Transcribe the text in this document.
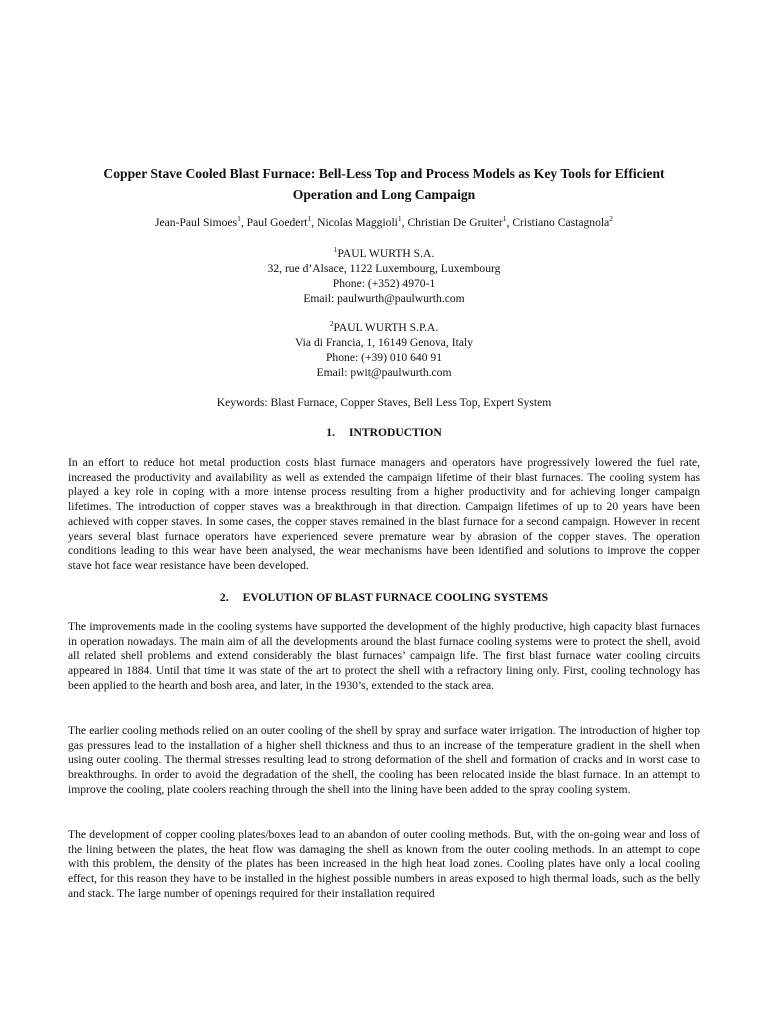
Copper Stave Cooled Blast Furnace: Bell-Less Top and Process Models as Key Tools for Efficient
Operation and Long Campaign
Jean-Paul Simoes$^1$, Paul Goedert$^1$, Nicolas Maggioli$^1$, Christian De Gruiter$^1$, Cristiano Castagnola$^2$
$^1$PAUL WURTH S.A.
32, rue d’Alsace, 1122 Luxembourg, Luxembourg
Phone: (+352) 4970-1
Email: paulwurth@paulwurth.com
$^2$PAUL WURTH S.P.A.
Via di Francia, 1, 16149 Genova, Italy
Phone: (+39) 010 640 91
Email: pwit@paulwurth.com
Keywords: Blast Furnace, Copper Staves, Bell Less Top, Expert System
1. INTRODUCTION

In an effort to reduce hot metal production costs blast furnace managers and operators have progressively lowered the fuel rate, increased the productivity and availability as well as extended the campaign lifetime of their blast furnaces. The cooling system has played a key role in coping with a more intense process resulting from a higher productivity and for achieving longer campaign lifetimes. The introduction of copper staves was a breakthrough in that direction. Campaign lifetimes of up to 20 years have been achieved with copper staves. In some cases, the copper staves remained in the blast furnace for a second campaign. However in recent years several blast furnace operators have experienced severe premature wear by abrasion of the copper staves. The operation conditions leading to this wear have been analysed, the wear mechanisms have been identified and solutions to improve the copper stave hot face wear resistance have been developed.

2. EVOLUTION OF BLAST FURNACE COOLING SYSTEMS

The improvements made in the cooling systems have supported the development of the highly productive, high capacity blast furnaces in operation nowadays. The main aim of all the developments around the blast furnace cooling systems were to protect the shell, avoid all related shell problems and extend considerably the blast furnaces’ campaign life. The first blast furnace water cooling circuits appeared in 1884. Until that time it was state of the art to protect the shell with a refractory lining only. First, cooling technology has been applied to the hearth and bosh area, and later, in the 1930’s, extended to the stack area.

The earlier cooling methods relied on an outer cooling of the shell by spray and surface water irrigation. The introduction of higher top gas pressures lead to the installation of a higher shell thickness and thus to an increase of the temperature gradient in the shell when using outer cooling. The thermal stresses resulting lead to strong deformation of the shell and formation of cracks and in worst case to breakthroughs. In order to avoid the degradation of the shell, the cooling has been relocated inside the blast furnace. In an attempt to improve the cooling, plate coolers reaching through the shell into the lining have been added to the spray cooling system.

The development of copper cooling plates/boxes lead to an abandon of outer cooling methods. But, with the on-going wear and loss of the lining between the plates, the heat flow was damaging the shell as known from the outer cooling methods. In an attempt to cope with this problem, the density of the plates has been increased in the high heat load zones. Cooling plates have only a local cooling effect, for this reason they have to be installed in the highest possible numbers in areas exposed to high thermal loads, such as the belly and stack. The large number of openings required for their installation required
